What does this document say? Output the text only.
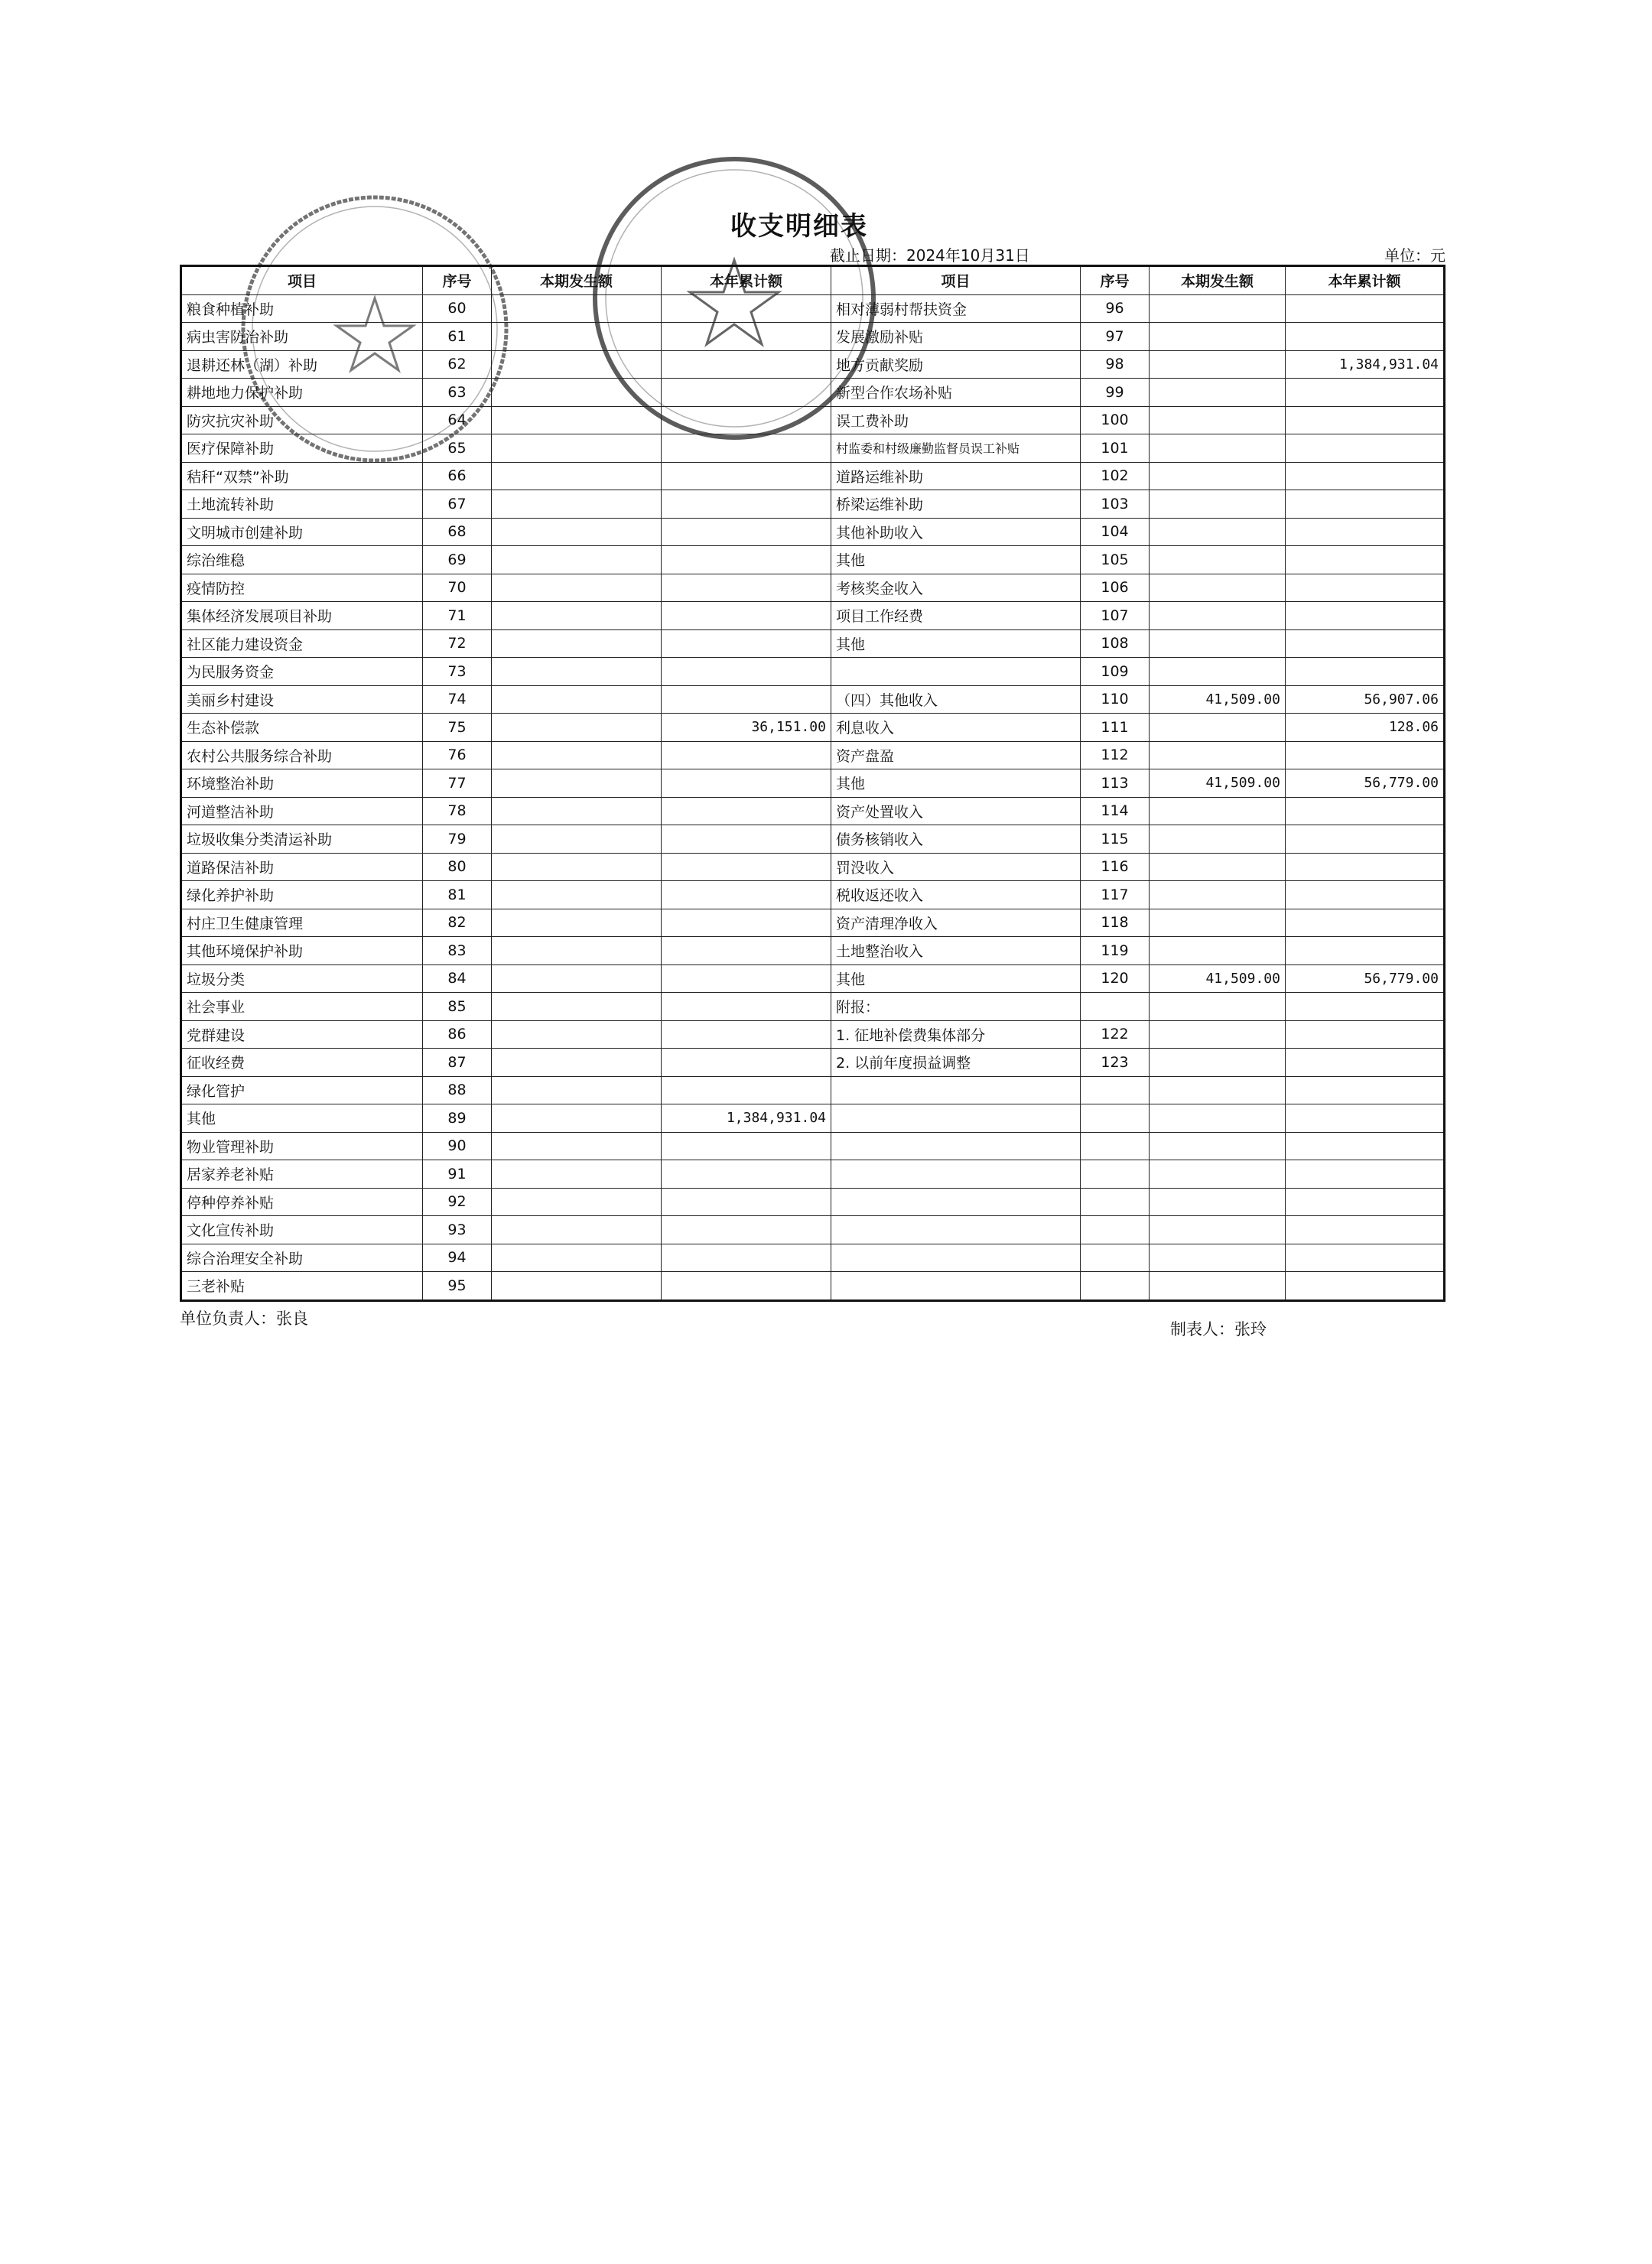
收支明细表
截止日期：2024年10月31日	单位：元
项目	序号	本期发生额	本年累计额	项目	序号	本期发生额	本年累计额
粮食种植补助	60			相对薄弱村帮扶资金	96		
病虫害防治补助	61			发展激励补贴	97		
退耕还林（湖）补助	62			地方贡献奖励	98		1,384,931.04
耕地地力保护补助	63			新型合作农场补贴	99		
防灾抗灾补助	64			误工费补助	100		
医疗保障补助	65			村监委和村级廉勤监督员误工补贴	101		
秸秆“双禁”补助	66			道路运维补助	102		
土地流转补助	67			桥梁运维补助	103		
文明城市创建补助	68			其他补助收入	104		
综治维稳	69			其他	105		
疫情防控	70			考核奖金收入	106		
集体经济发展项目补助	71			项目工作经费	107		
社区能力建设资金	72			其他	108		
为民服务资金	73				109		
美丽乡村建设	74			（四）其他收入	110	41,509.00	56,907.06
生态补偿款	75		36,151.00	利息收入	111		128.06
农村公共服务综合补助	76			资产盘盈	112		
环境整治补助	77			其他	113	41,509.00	56,779.00
河道整洁补助	78			资产处置收入	114		
垃圾收集分类清运补助	79			债务核销收入	115		
道路保洁补助	80			罚没收入	116		
绿化养护补助	81			税收返还收入	117		
村庄卫生健康管理	82			资产清理净收入	118		
其他环境保护补助	83			土地整治收入	119		
垃圾分类	84			其他	120	41,509.00	56,779.00
社会事业	85			附报：			
党群建设	86			1. 征地补偿费集体部分	122		
征收经费	87			2. 以前年度损益调整	123		
绿化管护	88						
其他	89		1,384,931.04				
物业管理补助	90						
居家养老补贴	91						
停种停养补贴	92						
文化宣传补助	93						
综合治理安全补助	94						
三老补贴	95						
单位负责人：张良
制表人：张玲
